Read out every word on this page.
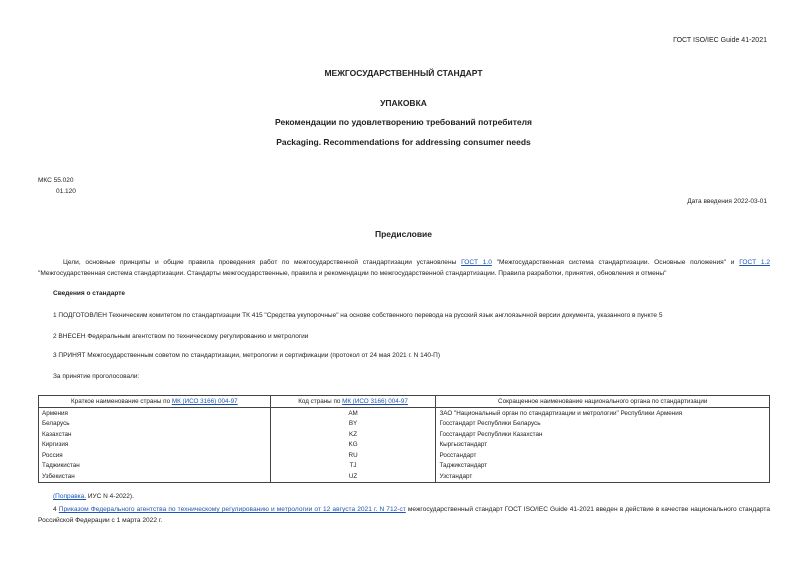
ГОСТ ISO/IEC Guide 41-2021
МЕЖГОСУДАРСТВЕННЫЙ СТАНДАРТ
УПАКОВКА
Рекомендации по удовлетворению требований потребителя
Packaging. Recommendations for addressing consumer needs
МКС 55.020
01.120
Дата введения 2022-03-01
Предисловие
Цели, основные принципы и общие правила проведения работ по межгосударственной стандартизации установлены ГОСТ 1.0 "Межгосударственная система стандартизации. Основные положения" и ГОСТ 1.2 "Межгосударственная система стандартизации. Стандарты межгосударственные, правила и рекомендации по межгосударственной стандартизации. Правила разработки, принятия, обновления и отмены"
Сведения о стандарте
1 ПОДГОТОВЛЕН Техническим комитетом по стандартизации ТК 415 "Средства укупорочные" на основе собственного перевода на русский язык англоязычной версии документа, указанного в пункте 5
2 ВНЕСЕН Федеральным агентством по техническому регулированию и метрологии
3 ПРИНЯТ Межгосударственным советом по стандартизации, метрологии и сертификации (протокол от 24 мая 2021 г. N 140-П)
За принятие проголосовали:
Краткое наименование страны по МК (ИСО 3166) 004-97	Код страны по МК (ИСО 3166) 004-97	Сокращенное наименование национального органа по стандартизации
Армения	AM	ЗАО "Национальный орган по стандартизации и метрологии" Республики Армения
Беларусь	BY	Госстандарт Республики Беларусь
Казахстан	KZ	Госстандарт Республики Казахстан
Киргизия	KG	Кыргызстандарт
Россия	RU	Росстандарт
Таджикистан	TJ	Таджикстандарт
Узбекистан	UZ	Узстандарт
(Поправка. ИУС N 4-2022).
4 Приказом Федерального агентства по техническому регулированию и метрологии от 12 августа 2021 г. N 712-ст межгосударственный стандарт ГОСТ ISO/IEC Guide 41-2021 введен в действие в качестве национального стандарта Российской Федерации с 1 марта 2022 г.
